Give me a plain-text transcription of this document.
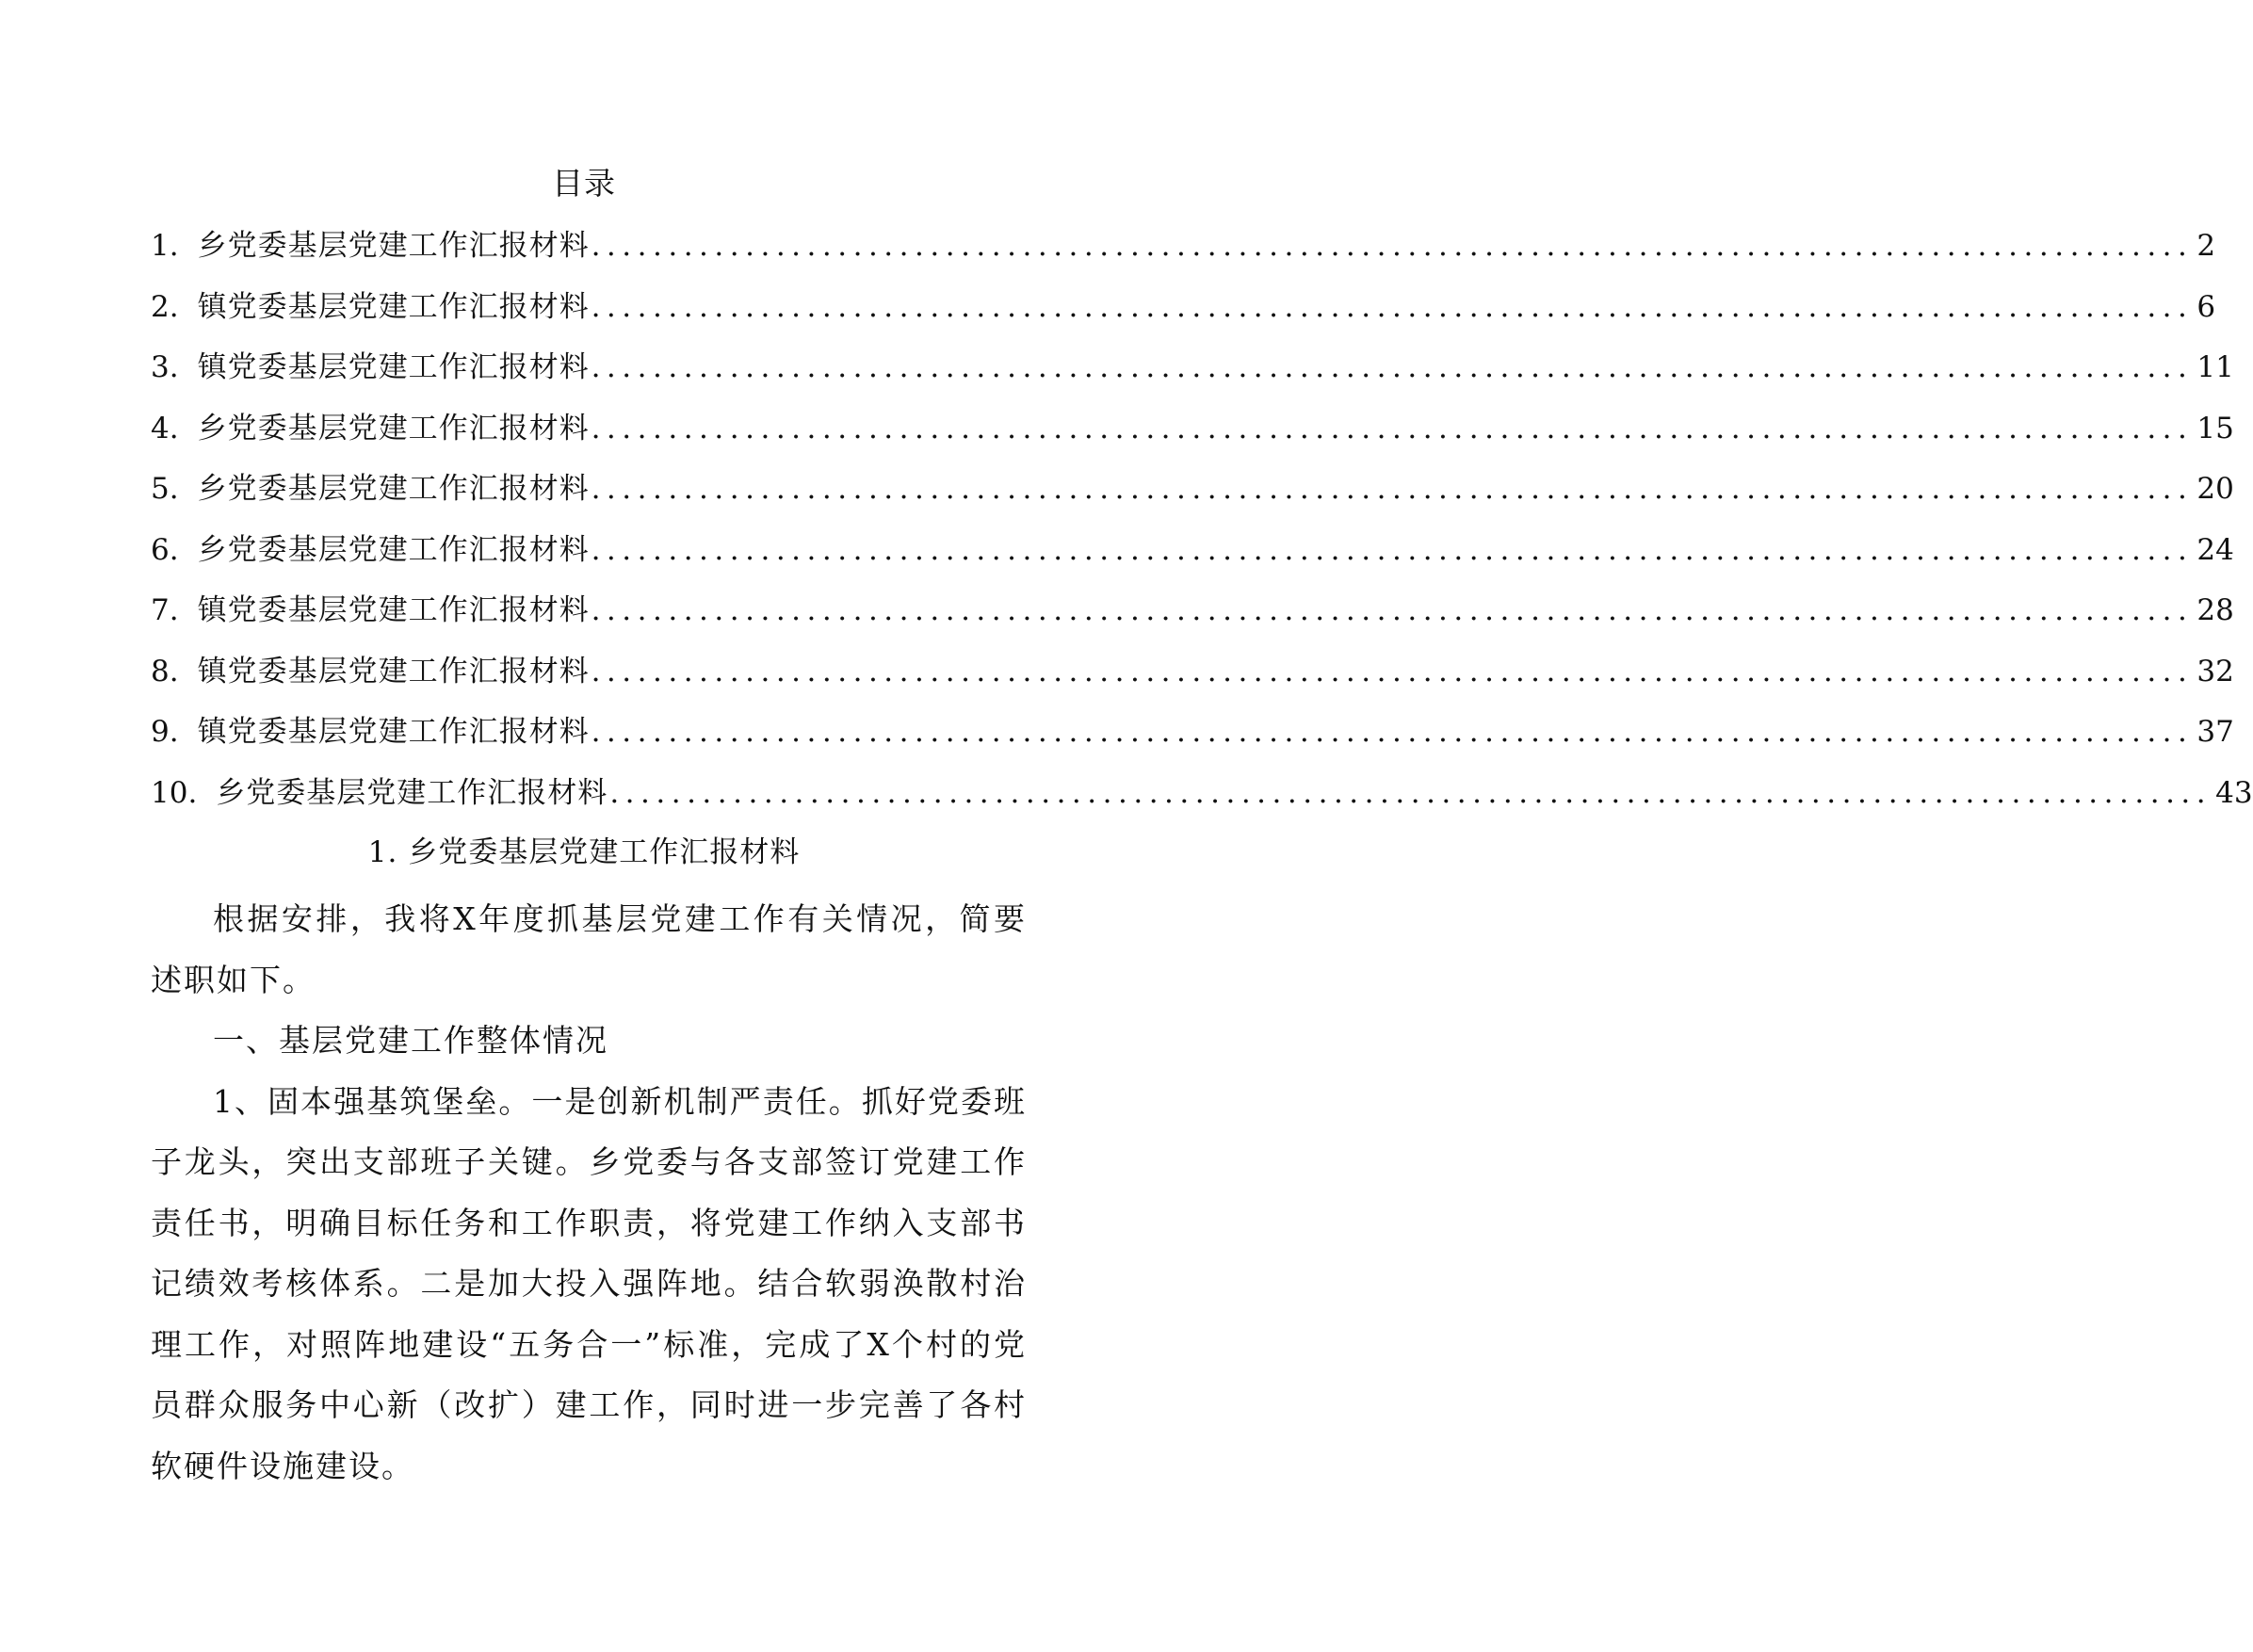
目录
1. 乡党委基层党建工作汇报材料 ........................................................................................................ 2
2. 镇党委基层党建工作汇报材料 ........................................................................................................ 6
3. 镇党委基层党建工作汇报材料 ........................................................................................................ 11
4. 乡党委基层党建工作汇报材料 ........................................................................................................ 15
5. 乡党委基层党建工作汇报材料 ........................................................................................................ 20
6. 乡党委基层党建工作汇报材料 ........................................................................................................ 24
7. 镇党委基层党建工作汇报材料 ........................................................................................................ 28
8. 镇党委基层党建工作汇报材料 ........................................................................................................ 32
9. 镇党委基层党建工作汇报材料 ........................................................................................................ 37
10. 乡党委基层党建工作汇报材料 ........................................................................................................ 43
1. 乡党委基层党建工作汇报材料

根据安排，我将X年度抓基层党建工作有关情况，简要述职如下。

一、基层党建工作整体情况

1、固本强基筑堡垒。一是创新机制严责任。抓好党委班子龙头，突出支部班子关键。乡党委与各支部签订党建工作责任书，明确目标任务和工作职责，将党建工作纳入支部书记绩效考核体系。二是加大投入强阵地。结合软弱涣散村治理工作，对照阵地建设“五务合一”标准，完成了X个村的党员群众服务中心新（改扩）建工作，同时进一步完善了各村软硬件设施建设。
